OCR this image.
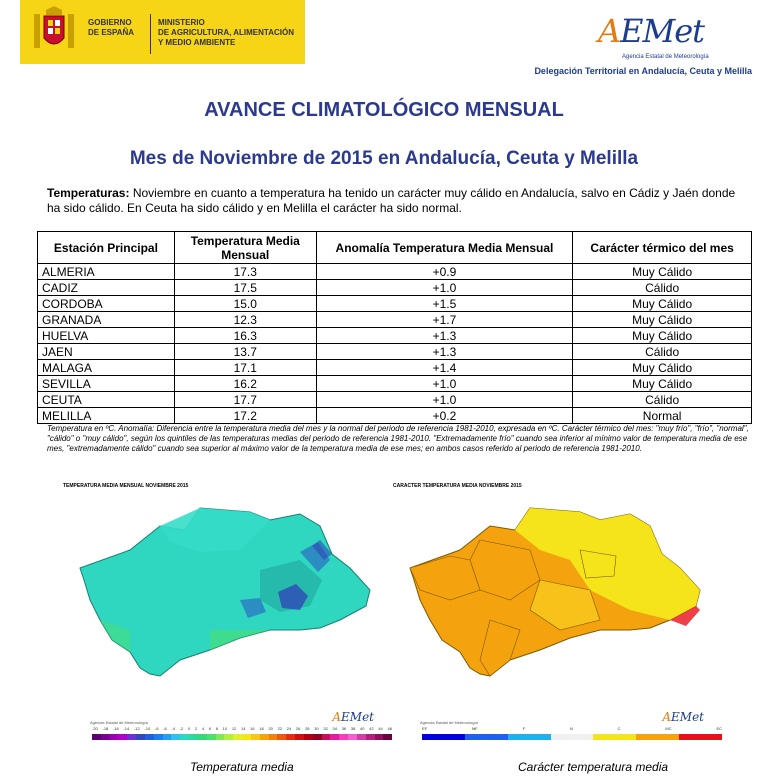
GOBIERNO
DE ESPAÑA
MINISTERIO
DE AGRICULTURA, ALIMENTACIÓN
Y MEDIO AMBIENTE	AEMet
Agencia Estatal de Meteorología
Delegación Territorial en Andalucía, Ceuta y Melilla
AVANCE CLIMATOLÓGICO MENSUAL
Mes de Noviembre de 2015 en Andalucía, Ceuta y Melilla
Temperaturas: Noviembre en cuanto a temperatura ha tenido un carácter muy cálido en Andalucía, salvo en Cádiz y Jaén donde ha sido cálido. En Ceuta ha sido cálido y en Melilla el carácter ha sido normal.
Estación Principal	Temperatura Media Mensual	Anomalía Temperatura Media Mensual	Carácter térmico del mes
ALMERIA	17.3	+0.9	Muy Cálido
CADIZ	17.5	+1.0	Cálido
CORDOBA	15.0	+1.5	Muy Cálido
GRANADA	12.3	+1.7	Muy Cálido
HUELVA	16.3	+1.3	Muy Cálido
JAEN	13.7	+1.3	Cálido
MALAGA	17.1	+1.4	Muy Cálido
SEVILLA	16.2	+1.0	Muy Cálido
CEUTA	17.7	+1.0	Cálido
MELILLA	17.2	+0.2	Normal
Temperatura en ºC. Anomalía: Diferencia entre la temperatura media del mes y la normal del periodo de referencia 1981-2010, expresada en ºC. Carácter térmico del mes: "muy frío", "frío", "normal", "cálido" o "muy cálido", según los quintiles de las temperaturas medias del periodo de referencia 1981-2010. "Extremadamente frío" cuando sea inferior al mínimo valor de temperatura media de ese mes, "extremadamente cálido" cuando sea superior al máximo valor de la temperatura media de ese mes; en ambos casos referido al periodo de referencia 1981-2010.
TEMPERATURA MEDIA MENSUAL NOVIEMBRE 2015
Agencia Estatal de Meteorología	AEMet
-20 -18 -16 -14 -12 -10 -8 -6 -4 -2 0 2 4 6 8 10 12 14 16 18 20 22 24 26 28 30 32 34 36 38 40 42 44 46
CARACTER TEMPERATURA MEDIA NOVIEMBRE 2015
Agencia Estatal de Meteorología	AEMet
EF	MF	F	N	C	MC	EC
Temperatura media	Carácter temperatura media
